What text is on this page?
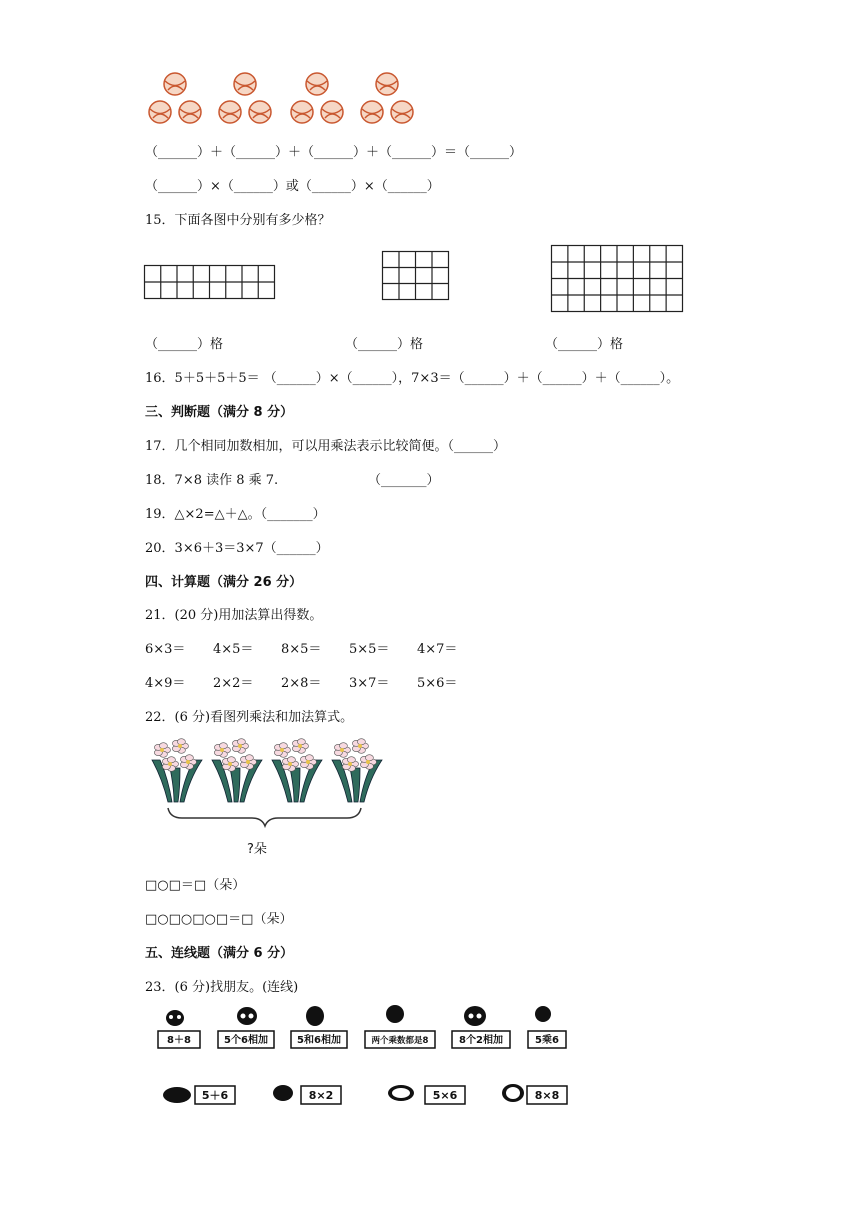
（______）＋（______）＋（______）＋（______）＝（______）
（______）×（______）或（______）×（______）
15．下面各图中分别有多少格？
（______）格	（______）格	（______）格
16．5＋5＋5＋5＝ （______）×（______），7×3＝（______）＋（______）＋（______）。
三、判断题（满分 8 分）
17．几个相同加数相加，可以用乘法表示比较简便。（______）
18．7×8 读作 8 乘 7.	（_______）
19．△×2=△＋△。（_______）
20．3×6＋3＝3×7（______）
四、计算题（满分 26 分）
21．(20 分)用加法算出得数。
6×3＝ 4×5＝ 8×5＝ 5×5＝ 4×7＝
4×9＝ 2×2＝ 2×8＝ 3×7＝ 5×6＝
22．(6 分)看图列乘法和加法算式。
?朵
□○□＝□（朵）
□○□○□○□＝□（朵）
五、连线题（满分 6 分）
23．(6 分)找朋友。(连线)
8＋8	5个6相加	5和6相加	两个乘数都是8	8个2相加	5乘6
5＋6	8×2	5×6	8×8
